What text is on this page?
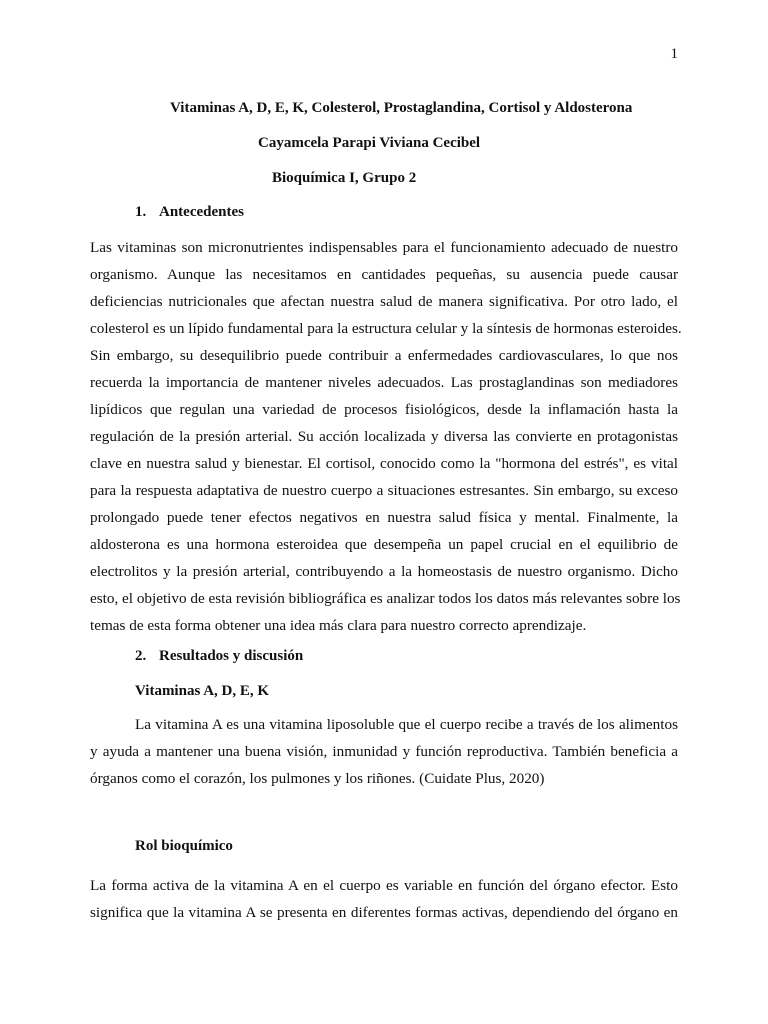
1
Vitaminas A, D, E, K, Colesterol, Prostaglandina, Cortisol y Aldosterona
Cayamcela Parapi Viviana Cecibel
Bioquímica I, Grupo 2
1. Antecedentes
Las vitaminas son micronutrientes indispensables para el funcionamiento adecuado de nuestro
organismo. Aunque las necesitamos en cantidades pequeñas, su ausencia puede causar
deficiencias nutricionales que afectan nuestra salud de manera significativa. Por otro lado, el
colesterol es un lípido fundamental para la estructura celular y la síntesis de hormonas esteroides.
Sin embargo, su desequilibrio puede contribuir a enfermedades cardiovasculares, lo que nos
recuerda la importancia de mantener niveles adecuados. Las prostaglandinas son mediadores
lipídicos que regulan una variedad de procesos fisiológicos, desde la inflamación hasta la
regulación de la presión arterial. Su acción localizada y diversa las convierte en protagonistas
clave en nuestra salud y bienestar. El cortisol, conocido como la "hormona del estrés", es vital
para la respuesta adaptativa de nuestro cuerpo a situaciones estresantes. Sin embargo, su exceso
prolongado puede tener efectos negativos en nuestra salud física y mental. Finalmente, la
aldosterona es una hormona esteroidea que desempeña un papel crucial en el equilibrio de
electrolitos y la presión arterial, contribuyendo a la homeostasis de nuestro organismo. Dicho
esto, el objetivo de esta revisión bibliográfica es analizar todos los datos más relevantes sobre los
temas de esta forma obtener una idea más clara para nuestro correcto aprendizaje.
2. Resultados y discusión
Vitaminas A, D, E, K
La vitamina A es una vitamina liposoluble que el cuerpo recibe a través de los alimentos
y ayuda a mantener una buena visión, inmunidad y función reproductiva. También beneficia a
órganos como el corazón, los pulmones y los riñones. (Cuidate Plus, 2020)
Rol bioquímico
La forma activa de la vitamina A en el cuerpo es variable en función del órgano efector. Esto
significa que la vitamina A se presenta en diferentes formas activas, dependiendo del órgano en
